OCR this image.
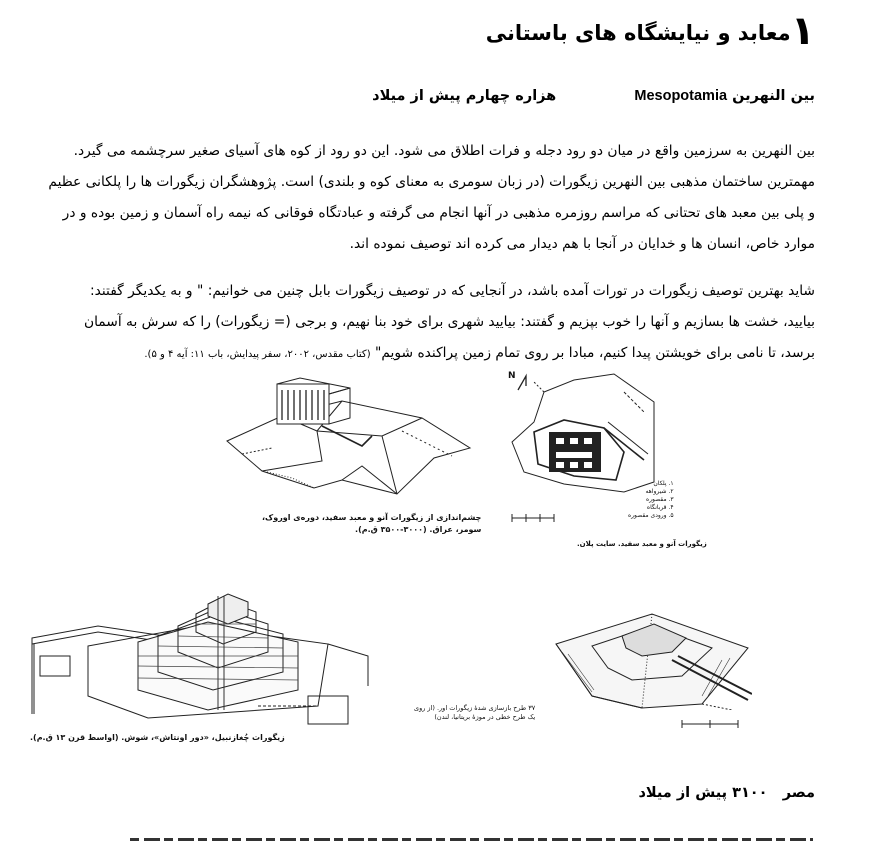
۱معابد و نیایشگاه های باستانی
بین النهرین Mesopotamia  هزاره چهارم پیش از میلاد
بین النهرین به سرزمین واقع در میان دو رود دجله و فرات اطلاق می شود. این دو رود از کوه های آسیای صغیر سرچشمه می گیرد.
مهمترین ساختمان مذهبی بین النهرین زیگورات (در زبان سومری به معنای کوه و بلندی) است. پژوهشگران زیگورات ها را پلکانی عظیم
و پلی بین معبد های تحتانی که مراسم روزمره مذهبی در آنها انجام می گرفته و عبادتگاه فوقانی که نیمه راه آسمان و زمین بوده و در
موارد خاص، انسان ها و خدایان در آنجا با هم دیدار می کرده اند توصیف نموده اند.
شاید بهترین توصیف زیگورات در تورات آمده باشد، در آنجایی که در توصیف زیگورات بابل چنین می خوانیم: " و به یکدیگر گفتند:
بیایید، خشت ها بسازیم و آنها را خوب بپزیم و گفتند: بیایید شهری برای خود بنا نهیم، و برجی (= زیگورات) را که سرش به آسمان
برسد، تا نامی برای خویشتن پیدا کنیم، مبادا بر روی تمام زمین پراکنده شویم" (کتاب مقدس، ۲۰۰۲، سفر پیدایش، باب ۱۱: آیه ۴ و ۵).
چشم‌اندازی از زیگورات آنو و معبد سفید، دوره‌ی اوروک،
سومر، عراق. (۳۰۰۰-۳۵۰۰ ق.م).
N
۱. پلکان
۲. شیرواهه
۳. مقصوره
۴. قربانگاه
۵. ورودی مقصوره
زیگورات آنو و معبد سفید. سایت پلان.
زیگورات چُغازنبیل، «دور اونتاش»، شوش. (اواسط قرن ۱۳ ق.م).
۳۷ طرح بازسازی شدهٔ زیگورات اور. (از روی
یک طرح خطی در موزهٔ بریتانیا، لندن)
مصر   ۳۱۰۰ پیش از میلاد
